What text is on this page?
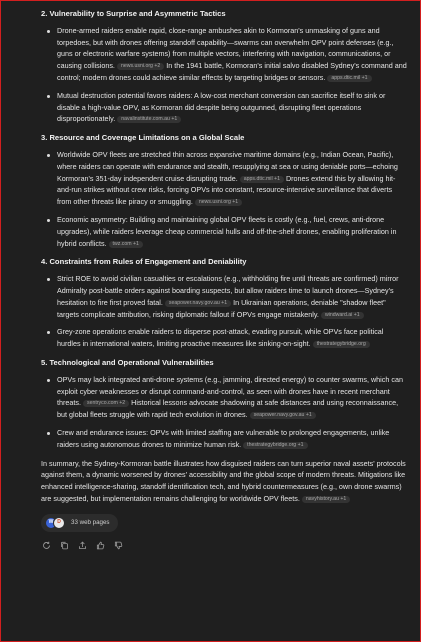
2. Vulnerability to Surprise and Asymmetric Tactics
Drone-armed raiders enable rapid, close-range ambushes akin to Kormoran's unmasking of guns and torpedoes, but with drones offering standoff capability—swarms can overwhelm OPV point defenses (e.g., guns or electronic warfare systems) from multiple vectors, interfering with navigation, communications, or causing collisions. news.usni.org +2 In the 1941 battle, Kormoran's initial salvo disabled Sydney's command and control; modern drones could achieve similar effects by targeting bridges or sensors. apps.dtic.mil +1
Mutual destruction potential favors raiders: A low-cost merchant conversion can sacrifice itself to sink or disable a high-value OPV, as Kormoran did despite being outgunned, disrupting fleet operations disproportionately. navalinstitute.com.au +1
3. Resource and Coverage Limitations on a Global Scale
Worldwide OPV fleets are stretched thin across expansive maritime domains (e.g., Indian Ocean, Pacific), where raiders can operate with endurance and stealth, resupplying at sea or using deniable ports—echoing Kormoran's 351-day independent cruise disrupting trade. apps.dtic.mil +1 Drones extend this by allowing hit-and-run strikes without crew risks, forcing OPVs into constant, resource-intensive surveillance that diverts from other threats like piracy or smuggling. news.usni.org +1
Economic asymmetry: Building and maintaining global OPV fleets is costly (e.g., fuel, crews, anti-drone upgrades), while raiders leverage cheap commercial hulls and off-the-shelf drones, enabling proliferation in hybrid conflicts. twz.com +1
4. Constraints from Rules of Engagement and Deniability
Strict ROE to avoid civilian casualties or escalations (e.g., withholding fire until threats are confirmed) mirror Admiralty post-battle orders against boarding suspects, but allow raiders time to launch drones—Sydney's hesitation to fire first proved fatal. seapower.navy.gov.au +1 In Ukrainian operations, deniable "shadow fleet" targets complicate attribution, risking diplomatic fallout if OPVs engage mistakenly. windward.ai +1
Grey-zone operations enable raiders to disperse post-attack, evading pursuit, while OPVs face political hurdles in international waters, limiting proactive measures like sinking-on-sight. thestrategybridge.org
5. Technological and Operational Vulnerabilities
OPVs may lack integrated anti-drone systems (e.g., jamming, directed energy) to counter swarms, which can exploit cyber weaknesses or disrupt command-and-control, as seen with drones have in recent merchant threats. sentryco.com +2 Historical lessons advocate shadowing at safe distances and using reconnaissance, but global fleets struggle with rapid tech evolution in drones. seapower.navy.gov.au +1
Crew and endurance issues: OPVs with limited staffing are vulnerable to prolonged engagements, unlike raiders using autonomous drones to minimize human risk. thestrategybridge.org +1

In summary, the Sydney-Kormoran battle illustrates how disguised raiders can turn superior naval assets' protocols against them, a dynamic worsened by drones' accessibility and the global scope of modern threats. Mitigations like enhanced intelligence-sharing, standoff identification tech, and hybrid countermeasures (e.g., own drone swarms) are suggested, but implementation remains challenging for worldwide OPV fleets. navyhistory.au +1

W D	33 web pages
